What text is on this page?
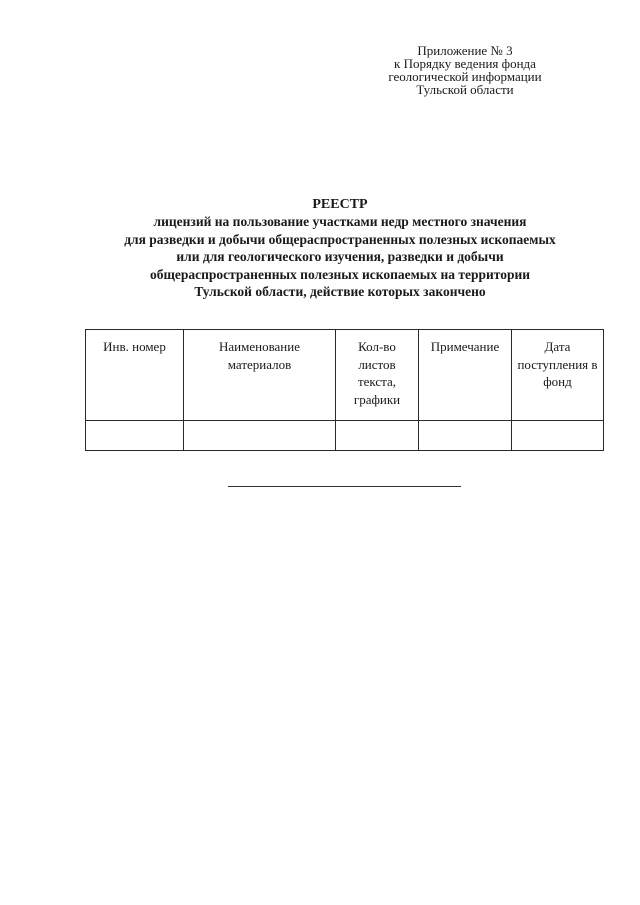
Приложение № 3
к Порядку ведения фонда
геологической информации
Тульской области
РЕЕСТР
лицензий на пользование участками недр местного значения
для разведки и добычи общераспространенных полезных ископаемых
или для геологического изучения, разведки и добычи
общераспространенных полезных ископаемых на территории
Тульской области, действие которых закончено
Инв. номер	Наименование материалов	Кол-во листов текста, графики	Примечание	Дата поступления в фонд
